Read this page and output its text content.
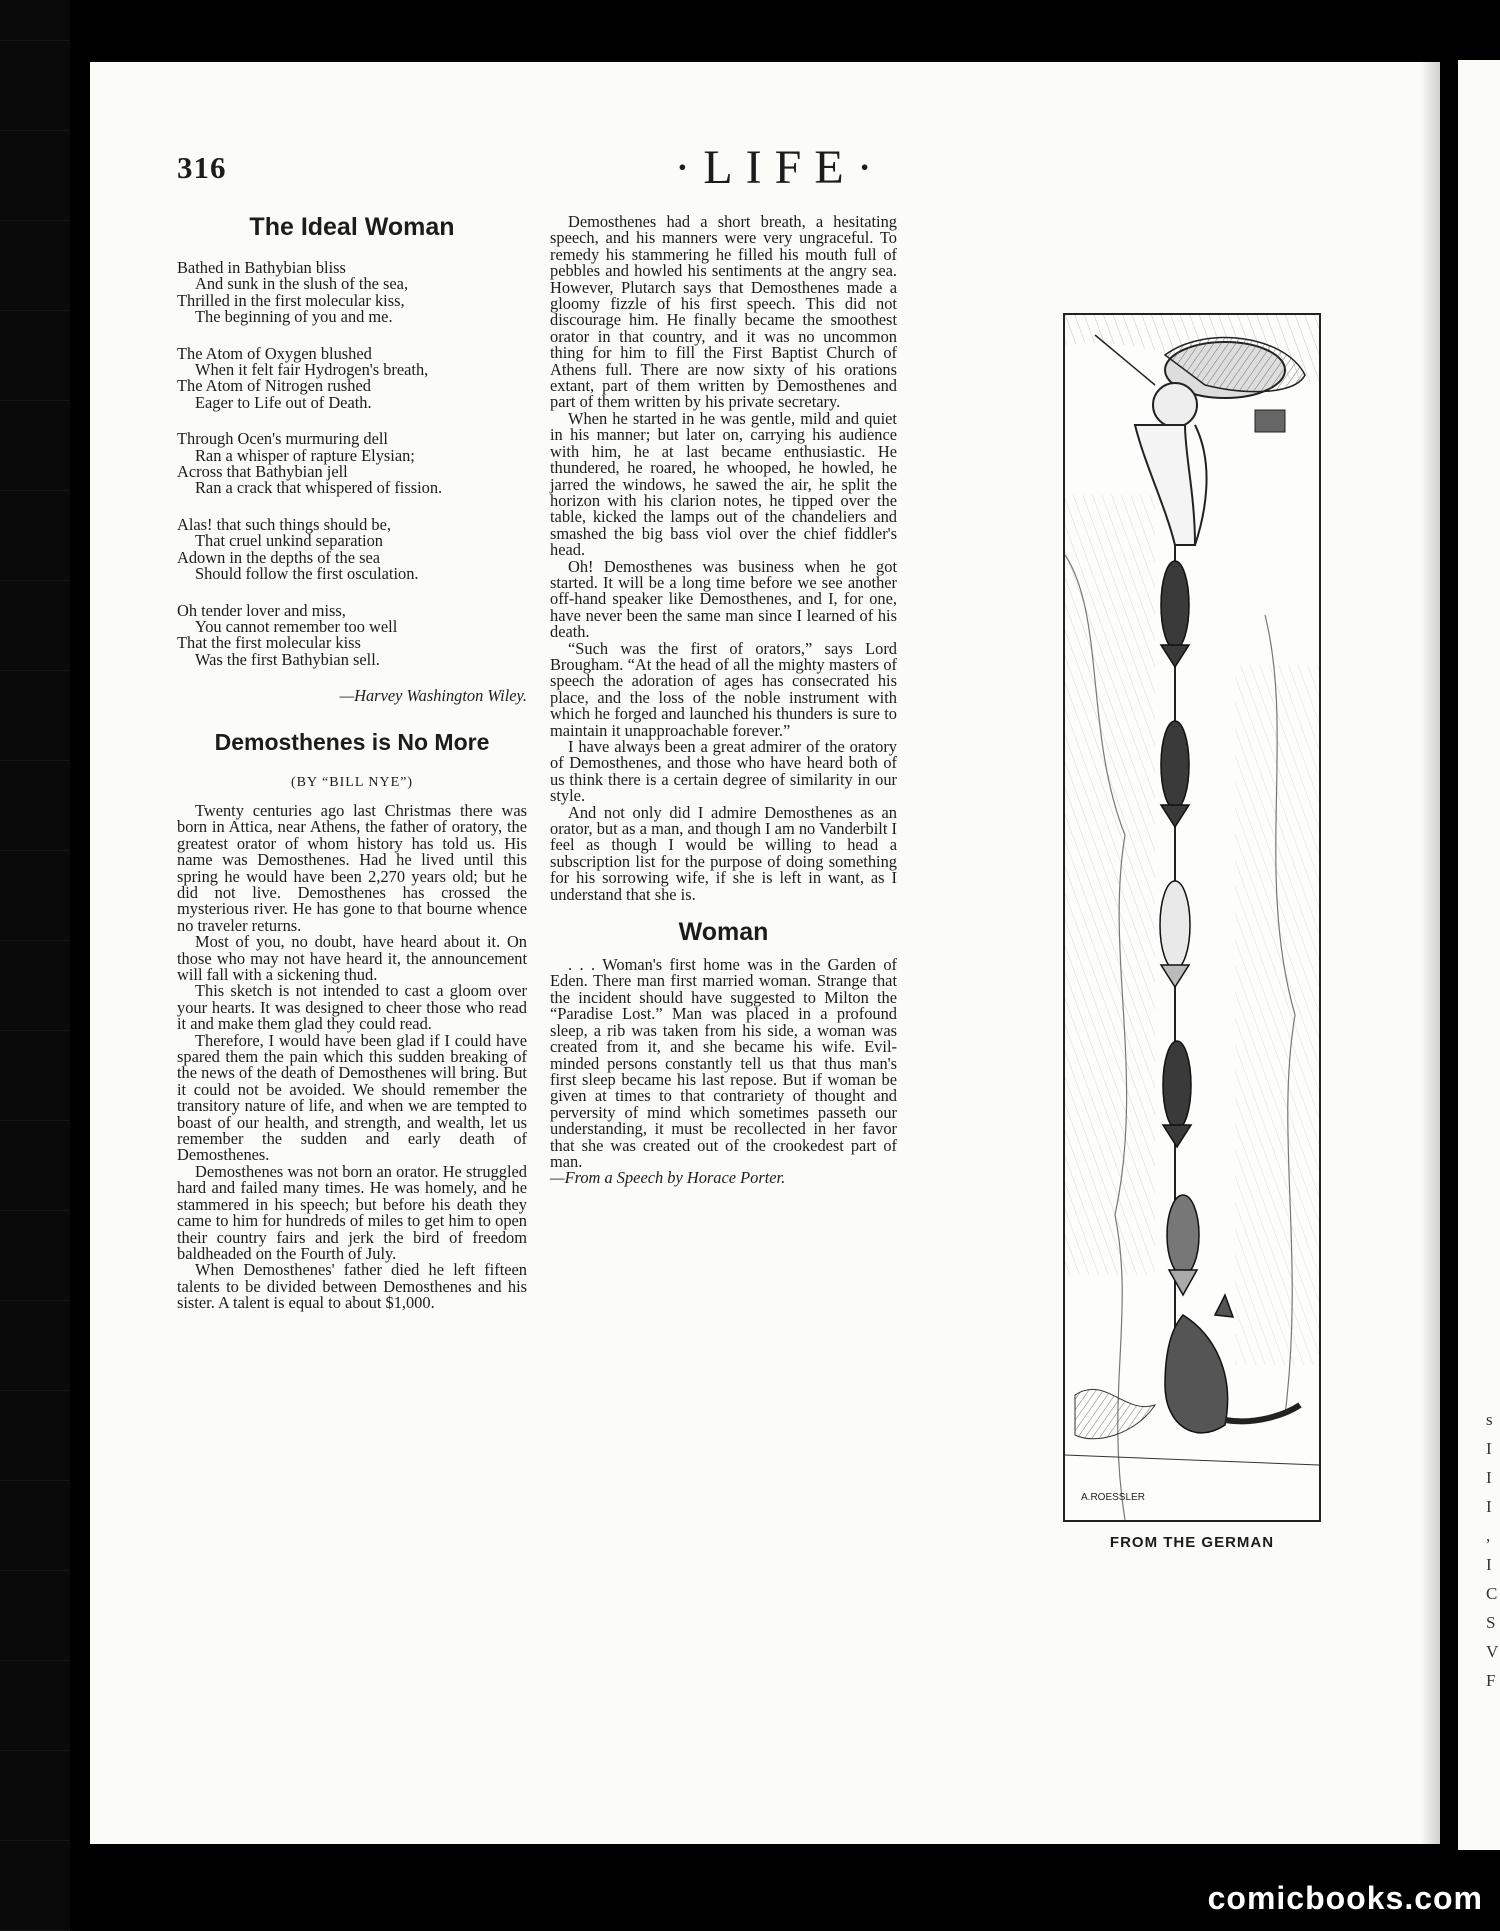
s
I
I
I
,
I
C
S
V
F
316	·LIFE·
The Ideal Woman
Bathed in Bathybian bliss
And sunk in the slush of the sea,
Thrilled in the first molecular kiss,
The beginning of you and me.
The Atom of Oxygen blushed
When it felt fair Hydrogen's breath,
The Atom of Nitrogen rushed
Eager to Life out of Death.
Through Ocen's murmuring dell
Ran a whisper of rapture Elysian;
Across that Bathybian jell
Ran a crack that whispered of fission.
Alas! that such things should be,
That cruel unkind separation
Adown in the depths of the sea
Should follow the first osculation.
Oh tender lover and miss,
You cannot remember too well
That the first molecular kiss
Was the first Bathybian sell.
—Harvey Washington Wiley.
Demosthenes is No More
(BY “BILL NYE”)

Twenty centuries ago last Christmas there was born in Attica, near Athens, the father of oratory, the greatest orator of whom history has told us. His name was Demosthenes. Had he lived until this spring he would have been 2,270 years old; but he did not live. Demosthenes has crossed the mysterious river. He has gone to that bourne whence no traveler returns.

Most of you, no doubt, have heard about it. On those who may not have heard it, the announcement will fall with a sickening thud.

This sketch is not intended to cast a gloom over your hearts. It was designed to cheer those who read it and make them glad they could read.

Therefore, I would have been glad if I could have spared them the pain which this sudden breaking of the news of the death of Demosthenes will bring. But it could not be avoided. We should remember the transitory nature of life, and when we are tempted to boast of our health, and strength, and wealth, let us remember the sudden and early death of Demosthenes.

Demosthenes was not born an orator. He struggled hard and failed many times. He was homely, and he stammered in his speech; but before his death they came to him for hundreds of miles to get him to open their country fairs and jerk the bird of freedom baldheaded on the Fourth of July.

When Demosthenes' father died he left fifteen talents to be divided between Demosthenes and his sister. A talent is equal to about $1,000.

Demosthenes had a short breath, a hesitating speech, and his manners were very ungraceful. To remedy his stammering he filled his mouth full of pebbles and howled his sentiments at the angry sea. However, Plutarch says that Demosthenes made a gloomy fizzle of his first speech. This did not discourage him. He finally became the smoothest orator in that country, and it was no uncommon thing for him to fill the First Baptist Church of Athens full. There are now sixty of his orations extant, part of them written by Demosthenes and part of them written by his private secretary.

When he started in he was gentle, mild and quiet in his manner; but later on, carrying his audience with him, he at last became enthusiastic. He thundered, he roared, he whooped, he howled, he jarred the windows, he sawed the air, he split the horizon with his clarion notes, he tipped over the table, kicked the lamps out of the chandeliers and smashed the big bass viol over the chief fiddler's head.

Oh! Demosthenes was business when he got started. It will be a long time before we see another off-hand speaker like Demosthenes, and I, for one, have never been the same man since I learned of his death.

“Such was the first of orators,” says Lord Brougham. “At the head of all the mighty masters of speech the adoration of ages has consecrated his place, and the loss of the noble instrument with which he forged and launched his thunders is sure to maintain it unapproachable forever.”

I have always been a great admirer of the oratory of Demosthenes, and those who have heard both of us think there is a certain degree of similarity in our style.

And not only did I admire Demosthenes as an orator, but as a man, and though I am no Vanderbilt I feel as though I would be willing to head a subscription list for the purpose of doing something for his sorrowing wife, if she is left in want, as I understand that she is.

Woman

. . . Woman's first home was in the Garden of Eden. There man first married woman. Strange that the incident should have suggested to Milton the “Paradise Lost.” Man was placed in a profound sleep, a rib was taken from his side, a woman was created from it, and she became his wife. Evil-minded persons constantly tell us that thus man's first sleep became his last repose. But if woman be given at times to that contrariety of thought and perversity of mind which sometimes passeth our understanding, it must be recollected in her favor that she was created out of the crookedest part of man.

—From a Speech by Horace Porter.

A.ROESSLER
FROM THE GERMAN
comicbooks.com
